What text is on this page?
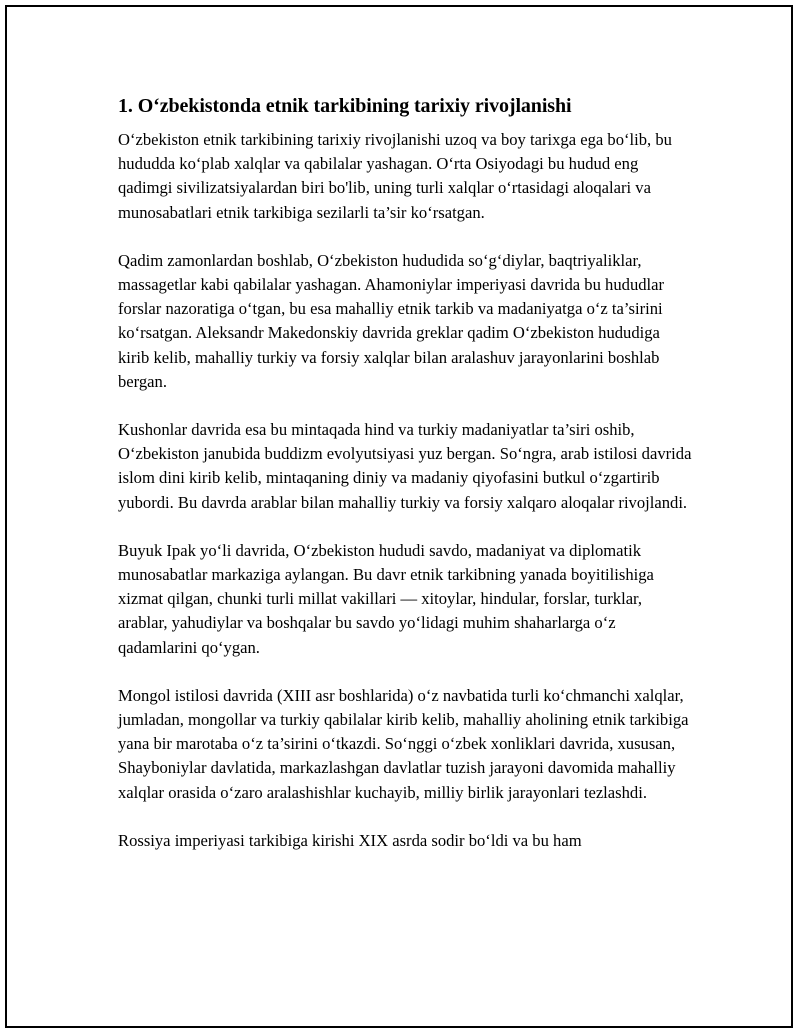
1. O‘zbekistonda etnik tarkibining tarixiy rivojlanishi

O‘zbekiston etnik tarkibining tarixiy rivojlanishi uzoq va boy tarixga ega bo‘lib, bu hududda ko‘plab xalqlar va qabilalar yashagan. O‘rta Osiyodagi bu hudud eng qadimgi sivilizatsiyalardan biri bo'lib, uning turli xalqlar o‘rtasidagi aloqalari va munosabatlari etnik tarkibiga sezilarli ta’sir ko‘rsatgan.

Qadim zamonlardan boshlab, O‘zbekiston hududida so‘g‘diylar, baqtriyaliklar, massagetlar kabi qabilalar yashagan. Ahamoniylar imperiyasi davrida bu hududlar forslar nazoratiga o‘tgan, bu esa mahalliy etnik tarkib va madaniyatga o‘z ta’sirini ko‘rsatgan. Aleksandr Makedonskiy davrida greklar qadim O‘zbekiston hududiga kirib kelib, mahalliy turkiy va forsiy xalqlar bilan aralashuv jarayonlarini boshlab bergan.

Kushonlar davrida esa bu mintaqada hind va turkiy madaniyatlar ta’siri oshib, O‘zbekiston janubida buddizm evolyutsiyasi yuz bergan. So‘ngra, arab istilosi davrida islom dini kirib kelib, mintaqaning diniy va madaniy qiyofasini butkul o‘zgartirib yubordi. Bu davrda arablar bilan mahalliy turkiy va forsiy xalqaro aloqalar rivojlandi.

Buyuk Ipak yo‘li davrida, O‘zbekiston hududi savdo, madaniyat va diplomatik munosabatlar markaziga aylangan. Bu davr etnik tarkibning yanada boyitilishiga xizmat qilgan, chunki turli millat vakillari — xitoylar, hindular, forslar, turklar, arablar, yahudiylar va boshqalar bu savdo yo‘lidagi muhim shaharlarga o‘z qadamlarini qo‘ygan.

Mongol istilosi davrida (XIII asr boshlarida) o‘z navbatida turli ko‘chmanchi xalqlar, jumladan, mongollar va turkiy qabilalar kirib kelib, mahalliy aholining etnik tarkibiga yana bir marotaba o‘z ta’sirini o‘tkazdi. So‘nggi o‘zbek xonliklari davrida, xususan, Shayboniylar davlatida, markazlashgan davlatlar tuzish jarayoni davomida mahalliy xalqlar orasida o‘zaro aralashishlar kuchayib, milliy birlik jarayonlari tezlashdi.

Rossiya imperiyasi tarkibiga kirishi XIX asrda sodir bo‘ldi va bu ham
